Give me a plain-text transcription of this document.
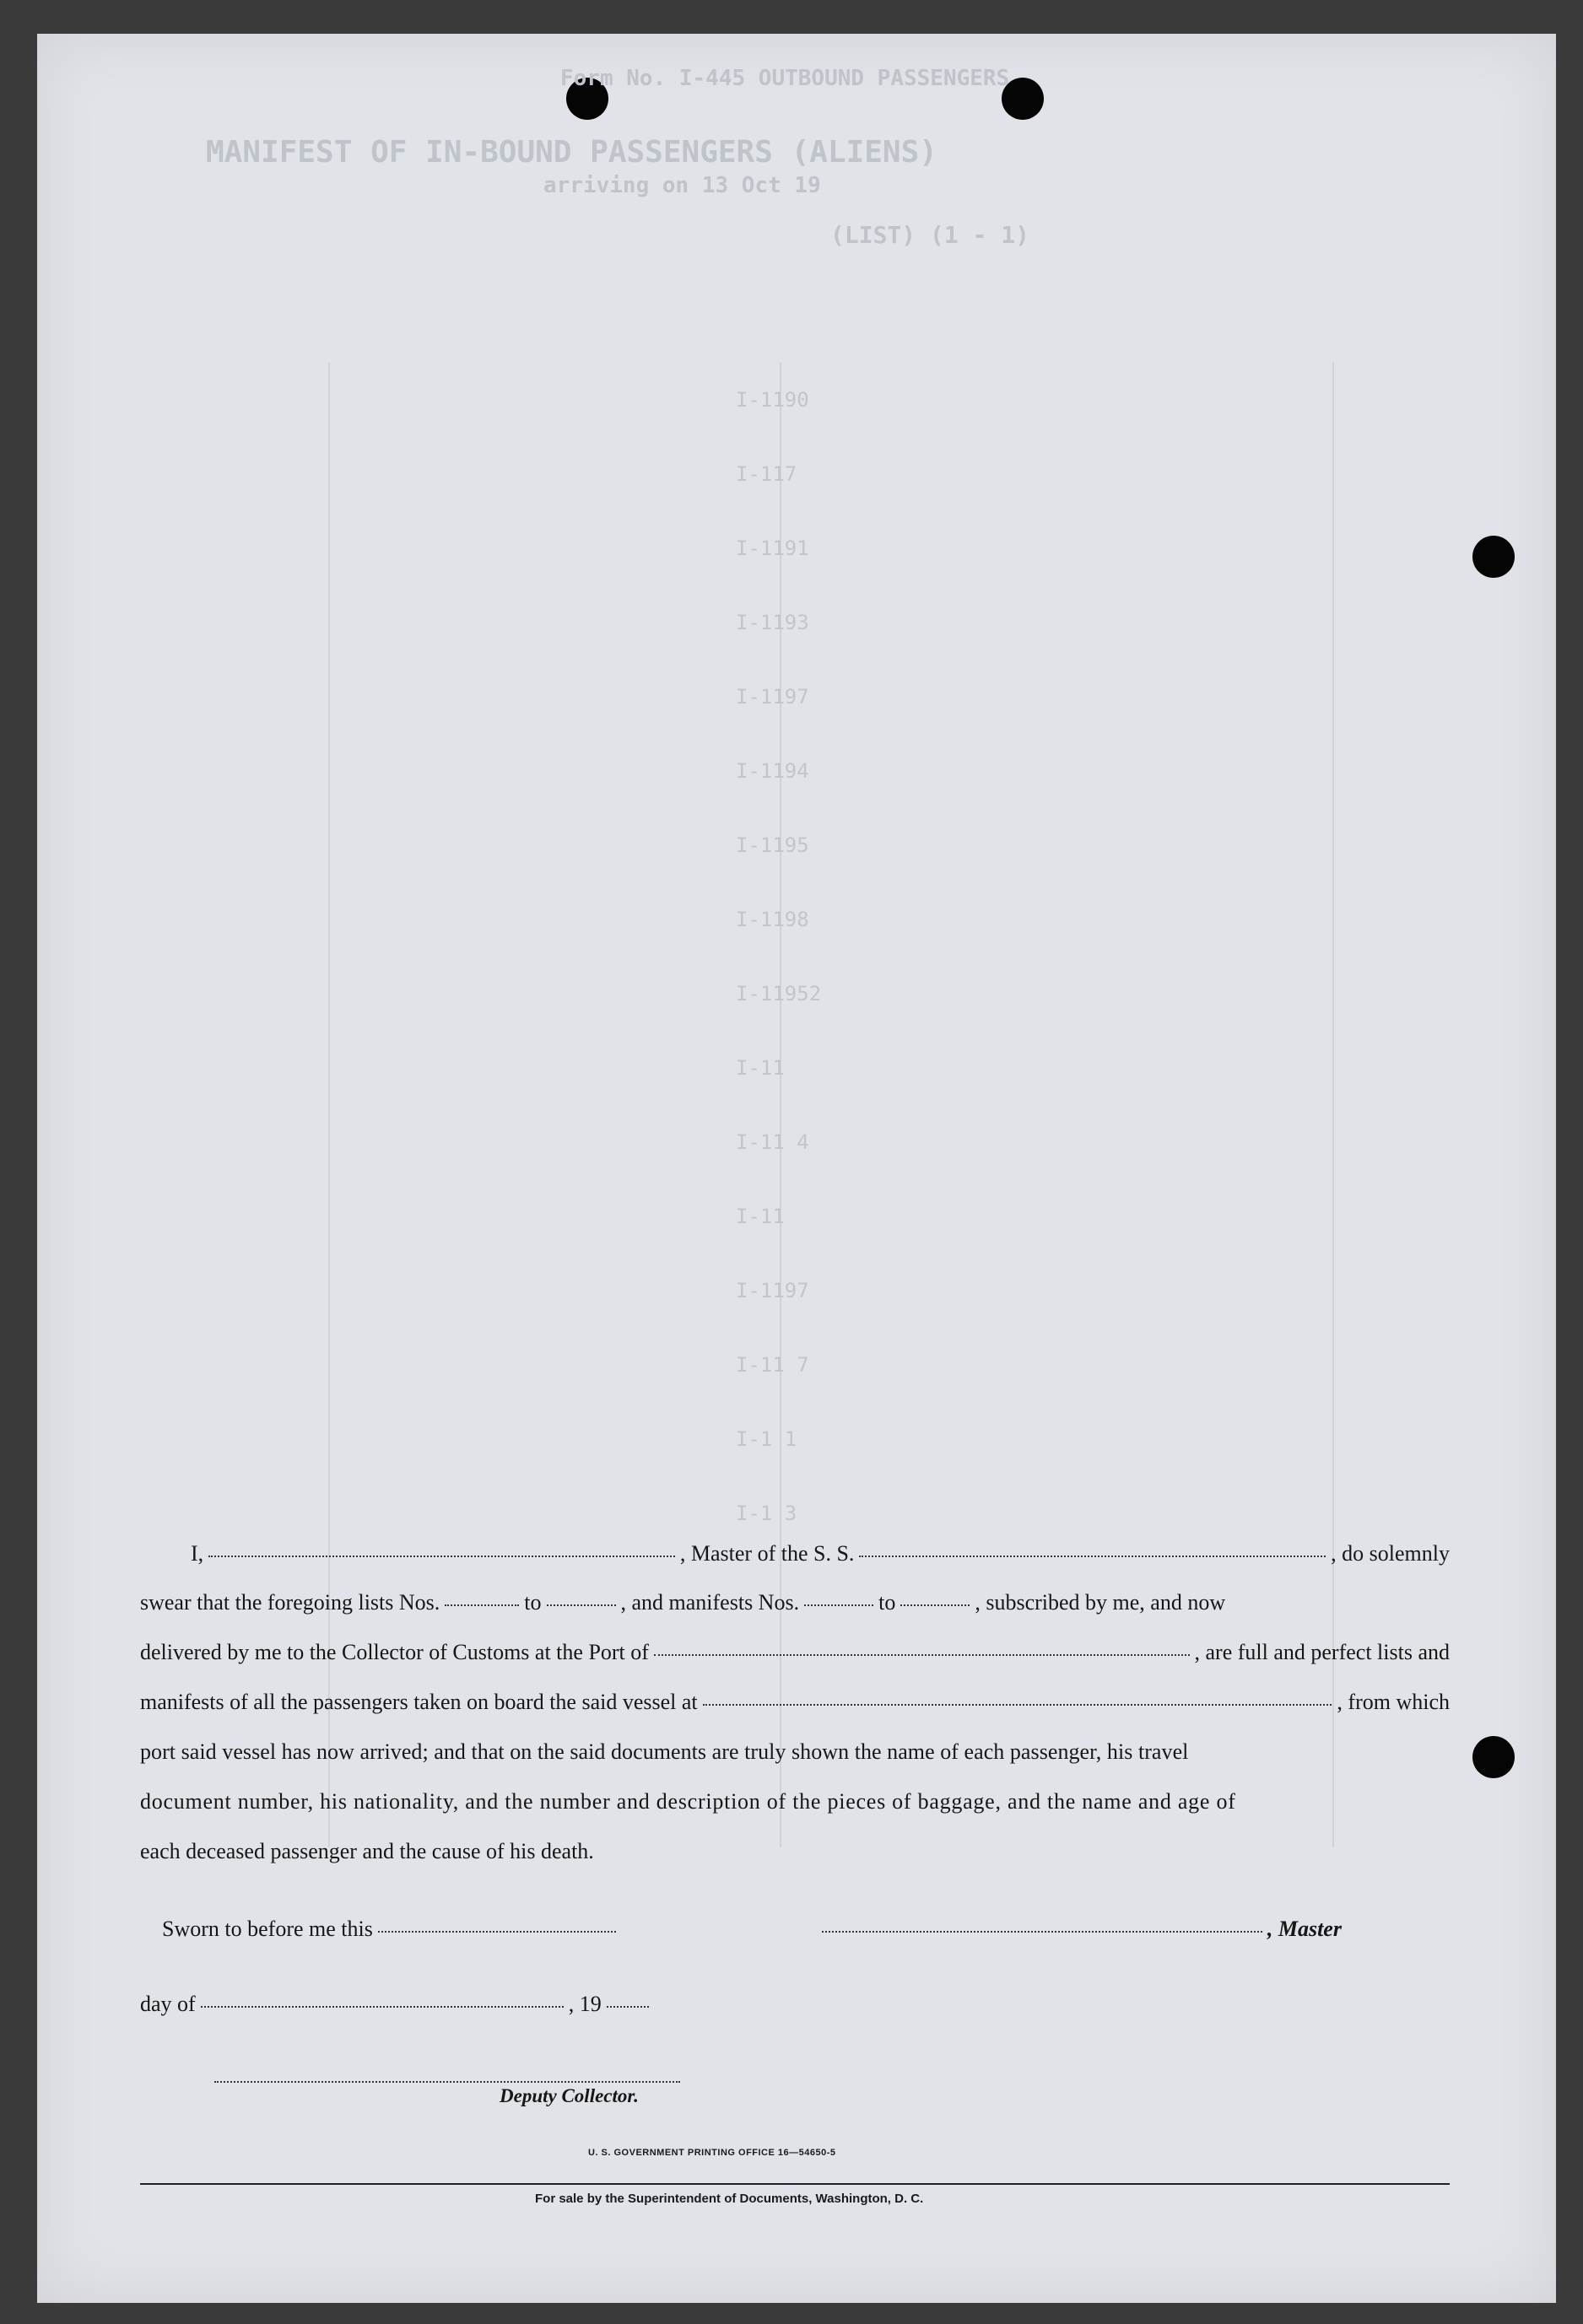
Form No. I-445 OUTBOUND PASSENGERS
MANIFEST OF IN-BOUND PASSENGERS (ALIENS)
arriving on 13 Oct 19
(LIST) (1 - 1)
I-1190
I-117
I-1191
I-1193
I-1197
I-1194
I-1195
I-1198
I-11952
I-11
I-11 4
I-11
I-1197
I-11 7
I-1 1
I-1 3
I,	, Master of the S. S.	, do solemnly
swear that the foregoing lists Nos.	to	, and manifests Nos.	to	, subscribed by me, and now
delivered by me to the Collector of Customs at the Port of	, are full and perfect lists and
manifests of all the passengers taken on board the said vessel at	, from which
port said vessel has now arrived; and that on the said documents are truly shown the name of each passenger, his travel
document number, his nationality, and the number and description of the pieces of baggage, and the name and age of
each deceased passenger and the cause of his death.
Sworn to before me this	, Master
day of	, 19
Deputy Collector.
U. S. GOVERNMENT PRINTING OFFICE 16—54650-5
For sale by the Superintendent of Documents, Washington, D. C.
